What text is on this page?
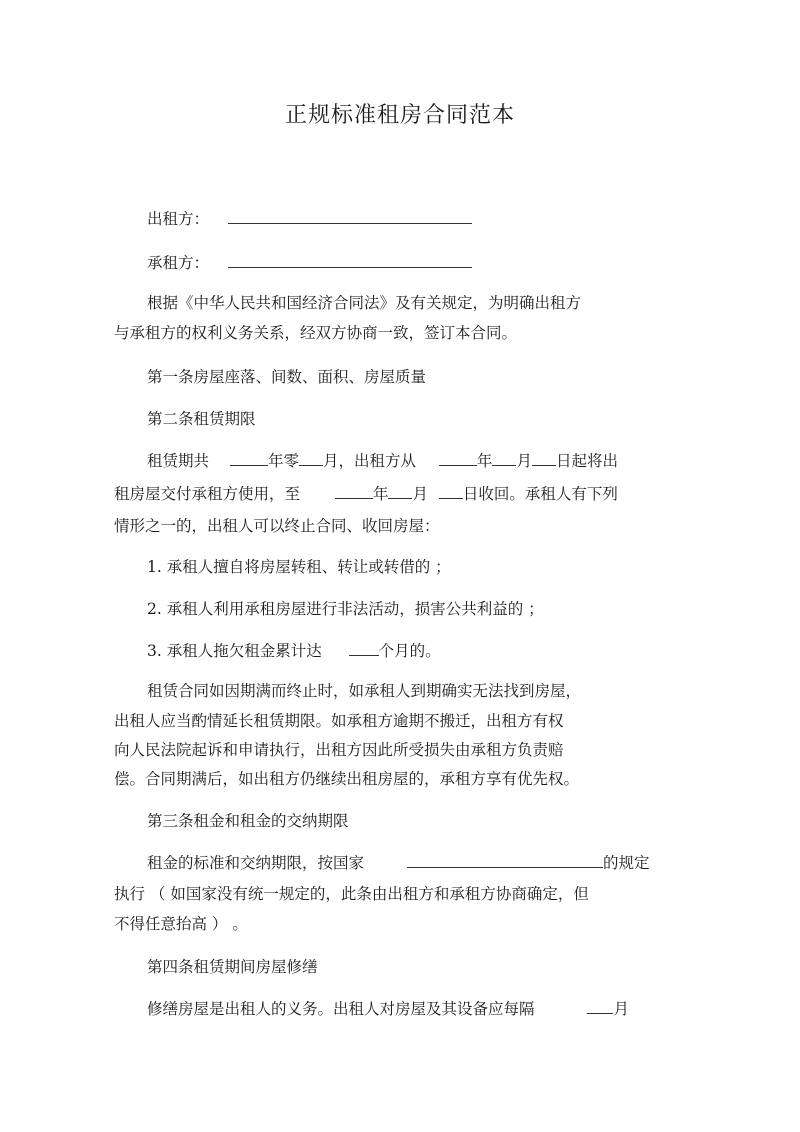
正规标准租房合同范本
出租方：
承租方：
根据《中华人民共和国经济合同法》及有关规定，为明确出租方
与承租方的权利义务关系，经双方协商一致，签订本合同。
第一条房屋座落、间数、面积、房屋质量
第二条租赁期限
租赁期共	年零 月，出租方从	年 月 日起将出
租房屋交付承租方使用，至	年 月 日收回。承租人有下列
情形之一的，出租人可以终止合同、收回房屋：
1. 承租人擅自将房屋转租、转让或转借的 ；
2. 承租人利用承租房屋进行非法活动，损害公共利益的 ；
3. 承租人拖欠租金累计达	个月的。
租赁合同如因期满而终止时，如承租人到期确实无法找到房屋，
出租人应当酌情延长租赁期限。如承租方逾期不搬迁，出租方有权
向人民法院起诉和申请执行，出租方因此所受损失由承租方负责赔
偿。合同期满后，如出租方仍继续出租房屋的，承租方享有优先权。
第三条租金和租金的交纳期限
租金的标准和交纳期限，按国家	的规定
执行 （ 如国家没有统一规定的，此条由出租方和承租方协商确定，但
不得任意抬高 ） 。
第四条租赁期间房屋修缮
修缮房屋是出租人的义务。出租人对房屋及其设备应每隔	月
